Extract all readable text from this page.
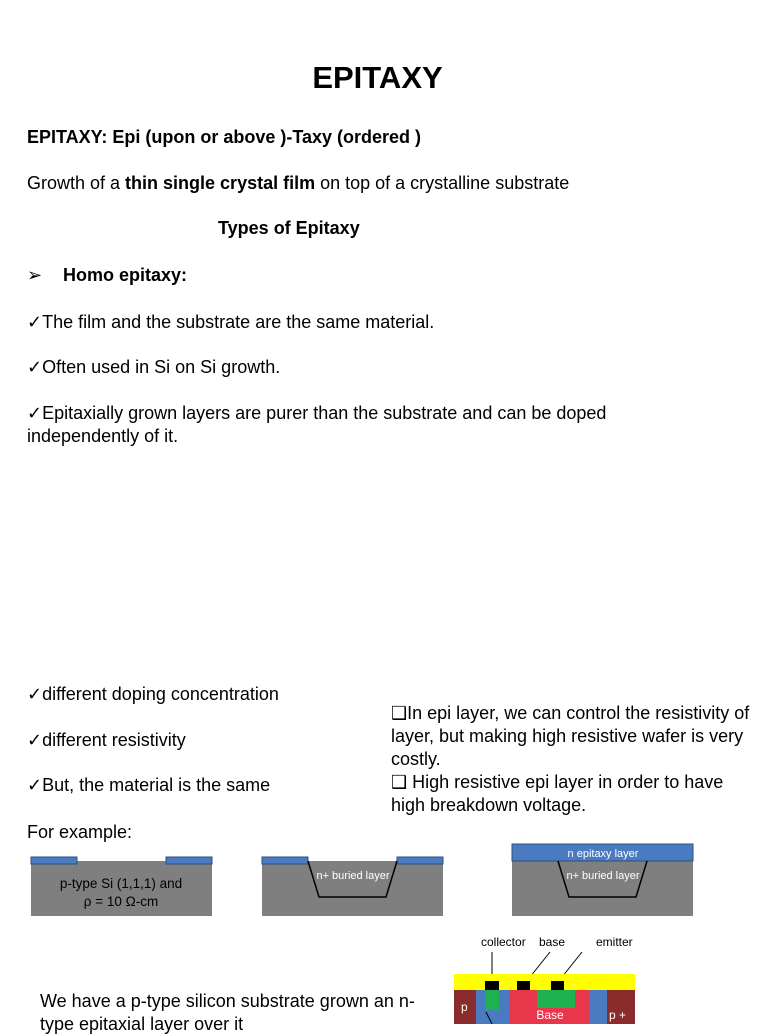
EPITAXY
EPITAXY: Epi (upon or above )-Taxy (ordered )
Growth of a thin single crystal film on top of a crystalline substrate
Types of Epitaxy
➢ Homo epitaxy:
✓The film and the substrate are the same material.
✓Often used in Si on Si growth.
✓Epitaxially grown layers are purer than the substrate and can be doped independently of it.
✓different doping concentration
✓different resistivity
✓But, the material is the same
❑In epi layer, we can control the resistivity of layer, but making high resistive wafer is very costly.
❑ High resistive epi layer in order to have high breakdown voltage.
For example:
p-type Si (1,1,1) and
ρ = 10 Ω-cm
n+ buried layer
n epitaxy layer
n+ buried layer
collector base	emitter
p
Base	p +
We have a p-type silicon substrate grown an n-type epitaxial layer over it
